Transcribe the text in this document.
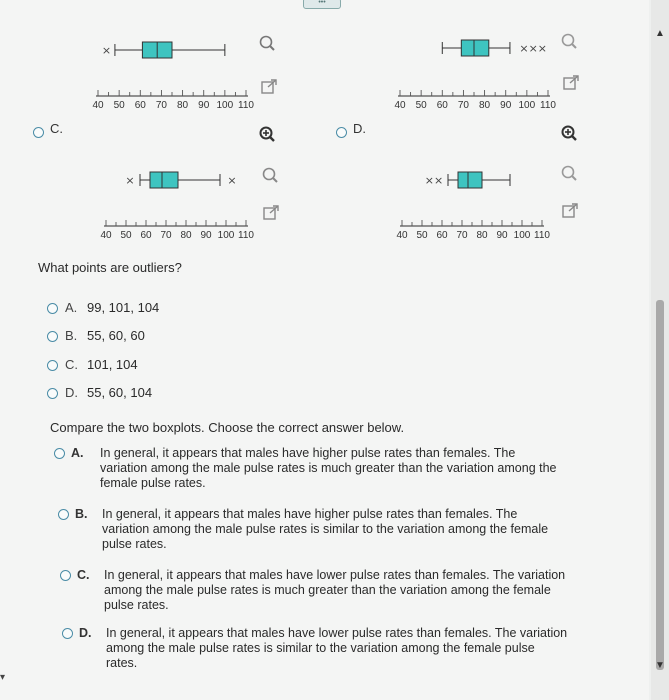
•••
40 50 60 70 80 90 100 110
×
40 50 60 70 80 90 100 110
×××
C.	D.
40 50 60 70 80 90 100 110
×	×
40 50 60 70 80 90 100 110
××
What points are outliers?
A. 99, 101, 104
B. 55, 60, 60
C. 101, 104
D. 55, 60, 104
Compare the two boxplots. Choose the correct answer below.
A. In general, it appears that males have higher pulse rates than females. The
variation among the male pulse rates is much greater than the variation among the
female pulse rates.
B. In general, it appears that males have higher pulse rates than females. The
variation among the male pulse rates is similar to the variation among the female
pulse rates.
C. In general, it appears that males have lower pulse rates than females. The variation
among the male pulse rates is much greater than the variation among the female
pulse rates.
D. In general, it appears that males have lower pulse rates than females. The variation
among the male pulse rates is similar to the variation among the female pulse
rates.
▾
▲
▼
